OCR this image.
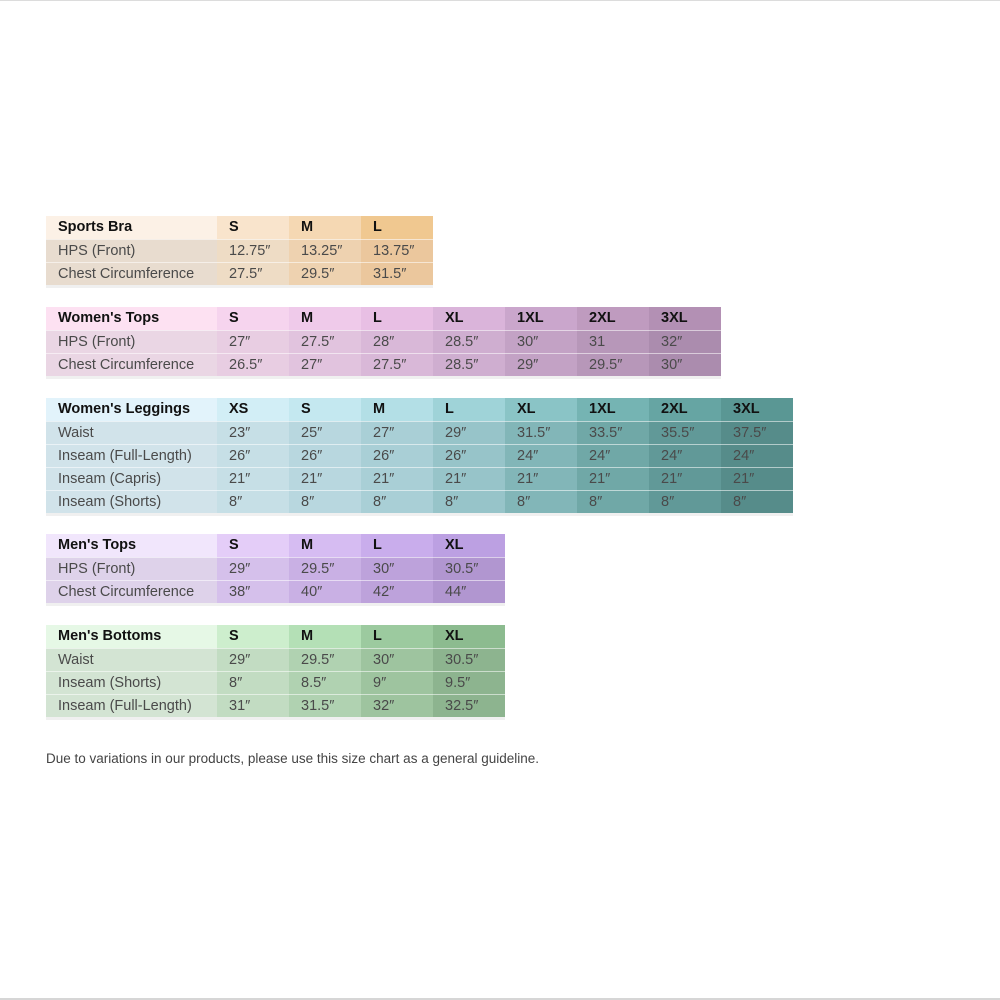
Sports Bra	S	M	L
HPS (Front)	12.75″	13.25″	13.75″
Chest Circumference	27.5″	29.5″	31.5″
Women's Tops	S	M	L	XL	1XL	2XL	3XL
HPS (Front)	27″	27.5″	28″	28.5″	30″	31	32″
Chest Circumference	26.5″	27″	27.5″	28.5″	29″	29.5″	30″
Women's Leggings	XS	S	M	L	XL	1XL	2XL	3XL
Waist	23″	25″	27″	29″	31.5″	33.5″	35.5″	37.5″
Inseam (Full-Length)	26″	26″	26″	26″	24″	24″	24″	24″
Inseam (Capris)	21″	21″	21″	21″	21″	21″	21″	21″
Inseam (Shorts)	8″	8″	8″	8″	8″	8″	8″	8″
Men's Tops	S	M	L	XL
HPS (Front)	29″	29.5″	30″	30.5″
Chest Circumference	38″	40″	42″	44″
Men's Bottoms	S	M	L	XL
Waist	29″	29.5″	30″	30.5″
Inseam (Shorts)	8″	8.5″	9″	9.5″
Inseam (Full-Length)	31″	31.5″	32″	32.5″
Due to variations in our products, please use this size chart as a general guideline.
